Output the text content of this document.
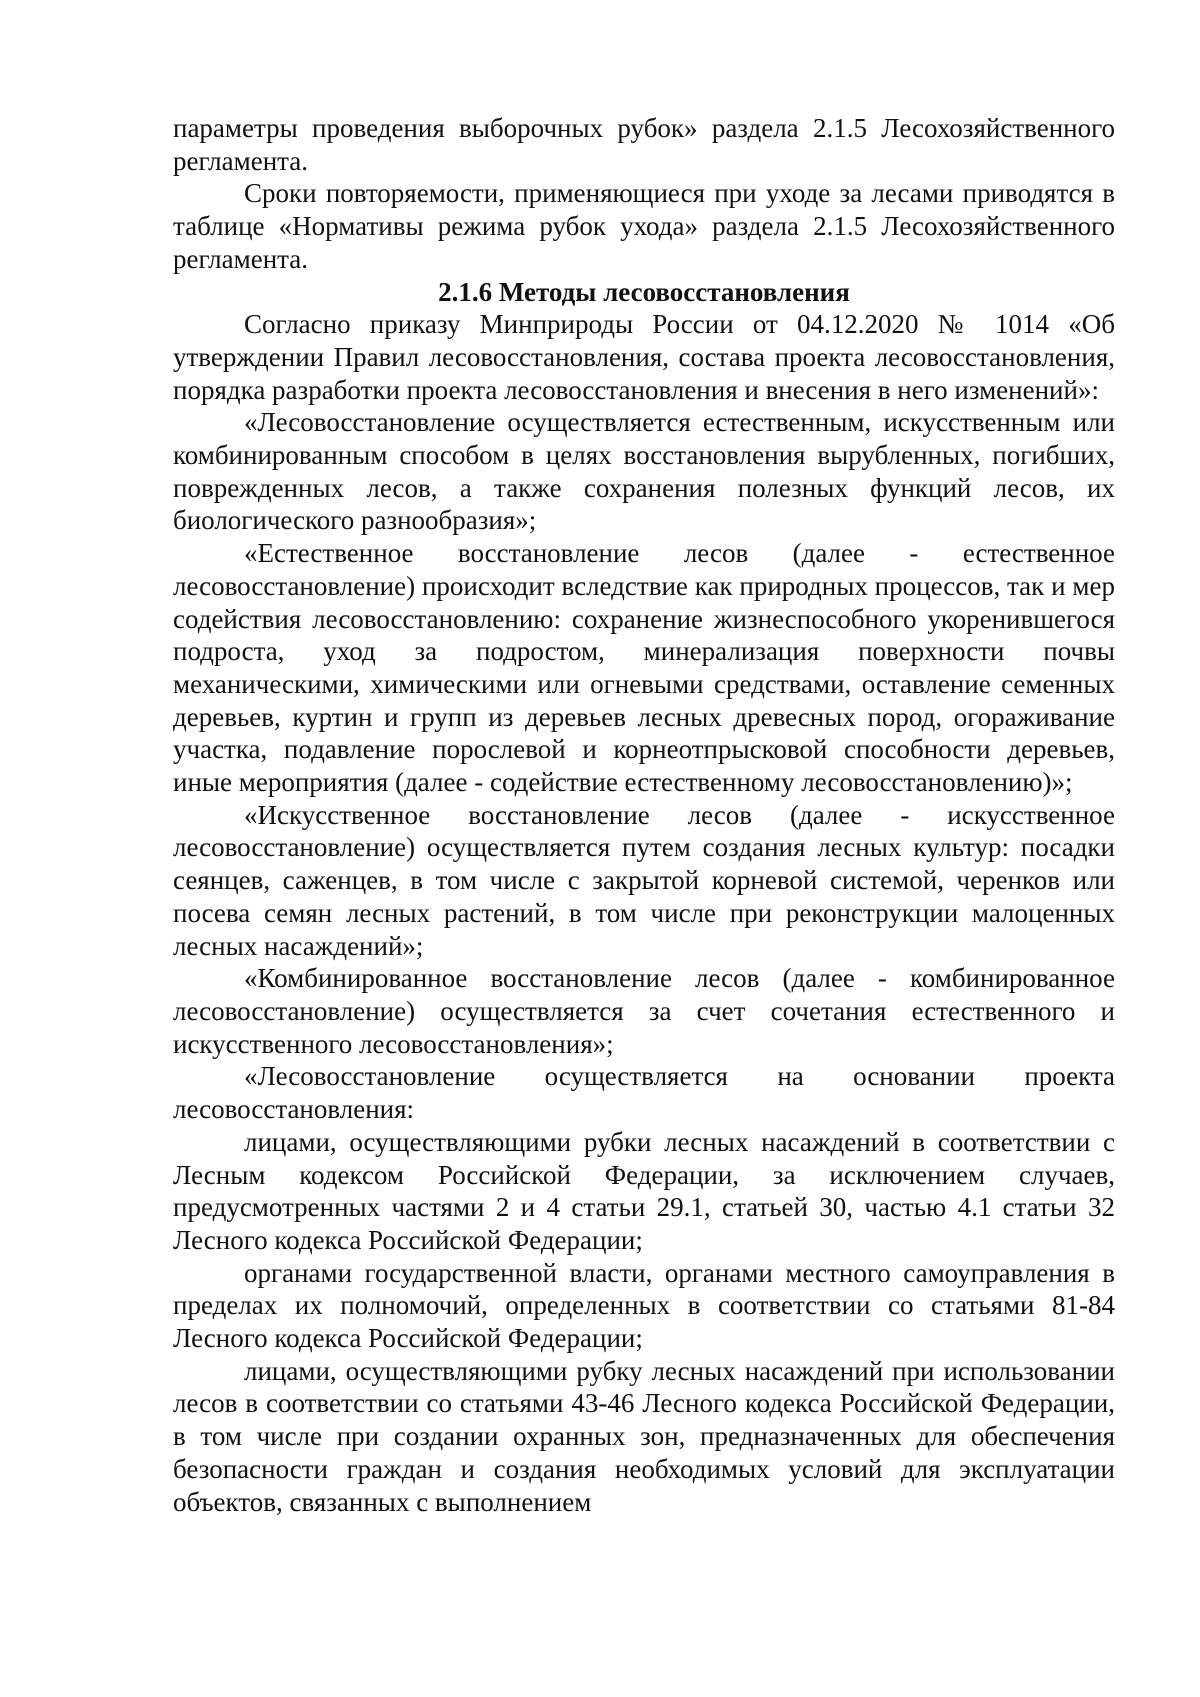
параметры проведения выборочных рубок» раздела 2.1.5 Лесохозяйственного регламента.

Сроки повторяемости, применяющиеся при уходе за лесами приводятся в таблице «Нормативы режима рубок ухода» раздела 2.1.5 Лесохозяйственного регламента.

2.1.6 Методы лесовосстановления

Согласно приказу Минприроды России от 04.12.2020 № 1014 «Об утверждении Правил лесовосстановления, состава проекта лесовосстановления, порядка разработки проекта лесовосстановления и внесения в него изменений»:

«Лесовосстановление осуществляется естественным, искусственным или комбинированным способом в целях восстановления вырубленных, погибших, поврежденных лесов, а также сохранения полезных функций лесов, их биологического разнообразия»;

«Естественное восстановление лесов (далее - естественное лесовосстановление) происходит вследствие как природных процессов, так и мер содействия лесовосстановлению: сохранение жизнеспособного укоренившегося подроста, уход за подростом, минерализация поверхности почвы механическими, химическими или огневыми средствами, оставление семенных деревьев, куртин и групп из деревьев лесных древесных пород, огораживание участка, подавление порослевой и корнеотпрысковой способности деревьев, иные мероприятия (далее - содействие естественному лесовосстановлению)»;

«Искусственное восстановление лесов (далее - искусственное лесовосстановление) осуществляется путем создания лесных культур: посадки сеянцев, саженцев, в том числе с закрытой корневой системой, черенков или посева семян лесных растений, в том числе при реконструкции малоценных лесных насаждений»;

«Комбинированное восстановление лесов (далее - комбинированное лесовосстановление) осуществляется за счет сочетания естественного и искусственного лесовосстановления»;

«Лесовосстановление осуществляется на основании проекта лесовосстановления:

лицами, осуществляющими рубки лесных насаждений в соответствии с Лесным кодексом Российской Федерации, за исключением случаев, предусмотренных частями 2 и 4 статьи 29.1, статьей 30, частью 4.1 статьи 32 Лесного кодекса Российской Федерации;

органами государственной власти, органами местного самоуправления в пределах их полномочий, определенных в соответствии со статьями 81-84 Лесного кодекса Российской Федерации;

лицами, осуществляющими рубку лесных насаждений при использовании лесов в соответствии со статьями 43-46 Лесного кодекса Российской Федерации, в том числе при создании охранных зон, предназначенных для обеспечения безопасности граждан и создания необходимых условий для эксплуатации объектов, связанных с выполнением
